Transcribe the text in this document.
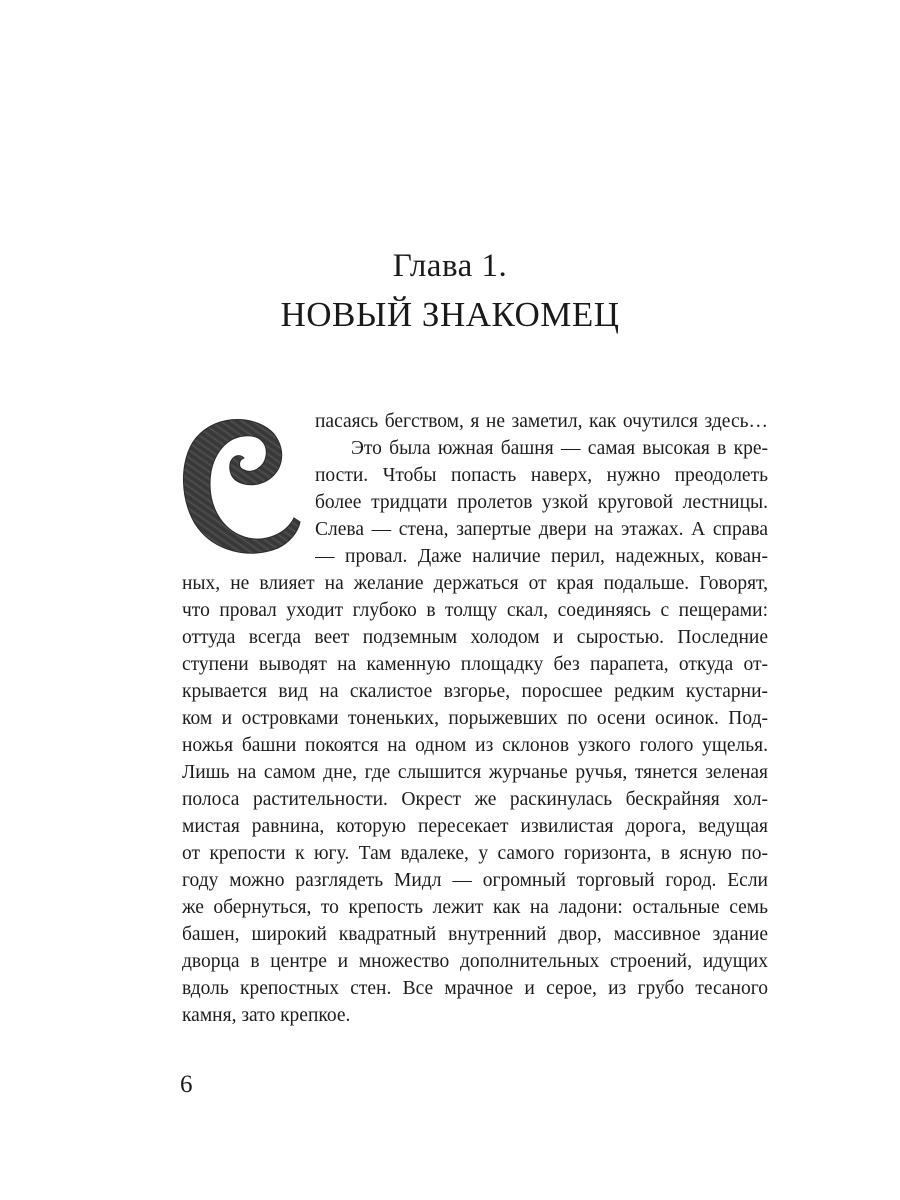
Глава 1.
НОВЫЙ ЗНАКОМЕЦ
пасаясь бегством, я не заметил, как очутился здесь…
Это была южная башня — самая высокая в кре-
пости. Чтобы попасть наверх, нужно преодолеть
более тридцати пролетов узкой круговой лестницы.
Слева — стена, запертые двери на этажах. А справа
— провал. Даже наличие перил, надежных, кован-
ных, не влияет на желание держаться от края подальше. Говорят,
что провал уходит глубоко в толщу скал, соединяясь с пещерами:
оттуда всегда веет подземным холодом и сыростью. Последние
ступени выводят на каменную площадку без парапета, откуда от-
крывается вид на скалистое взгорье, поросшее редким кустарни-
ком и островками тоненьких, порыжевших по осени осинок. Под-
ножья башни покоятся на одном из склонов узкого голого ущелья.
Лишь на самом дне, где слышится журчанье ручья, тянется зеленая
полоса растительности. Окрест же раскинулась бескрайняя хол-
мистая равнина, которую пересекает извилистая дорога, ведущая
от крепости к югу. Там вдалеке, у самого горизонта, в ясную по-
году можно разглядеть Мидл — огромный торговый город. Если
же обернуться, то крепость лежит как на ладони: остальные семь
башен, широкий квадратный внутренний двор, массивное здание
дворца в центре и множество дополнительных строений, идущих
вдоль крепостных стен. Все мрачное и серое, из грубо тесаного
камня, зато крепкое.
6
